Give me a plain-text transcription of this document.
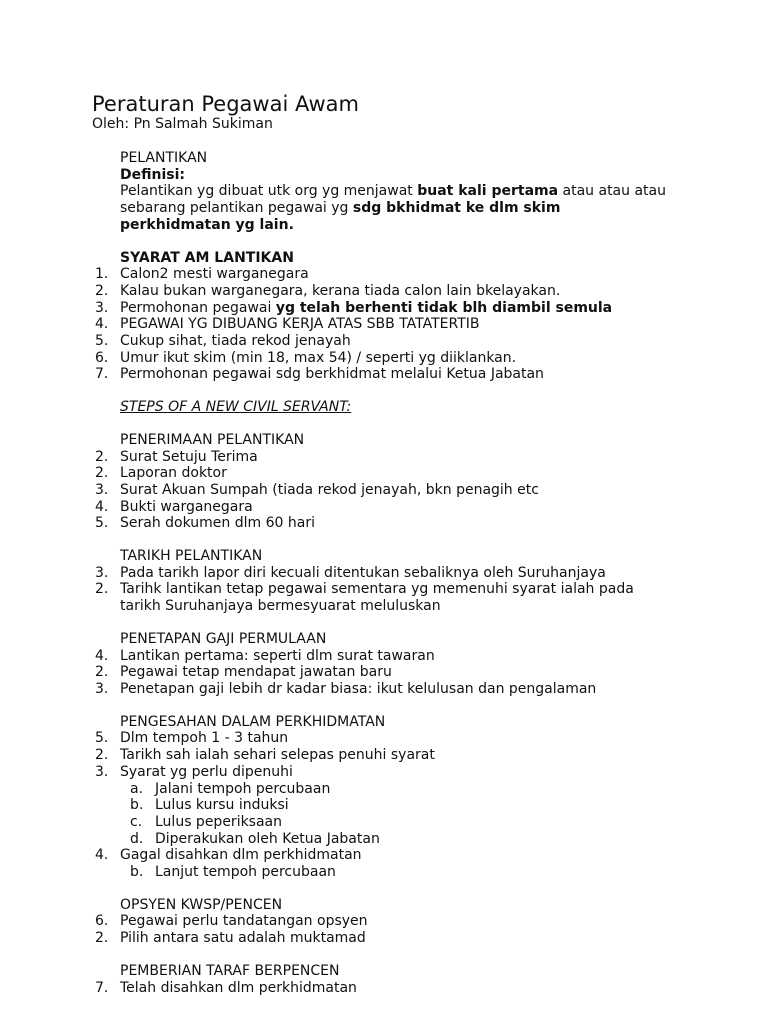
Peraturan Pegawai Awam
Oleh: Pn Salmah Sukiman
PELANTIKAN
Definisi:
Pelantikan yg dibuat utk org yg menjawat buat kali pertama atau atau atau
sebarang pelantikan pegawai yg sdg bkhidmat ke dlm skim
perkhidmatan yg lain.
SYARAT AM LANTIKAN
1. Calon2 mesti warganegara
2. Kalau bukan warganegara, kerana tiada calon lain bkelayakan.
3. Permohonan pegawai yg telah berhenti tidak blh diambil semula
4. PEGAWAI YG DIBUANG KERJA ATAS SBB TATATERTIB
5. Cukup sihat, tiada rekod jenayah
6. Umur ikut skim (min 18, max 54) / seperti yg diiklankan.
7. Permohonan pegawai sdg berkhidmat melalui Ketua Jabatan
STEPS OF A NEW CIVIL SERVANT:
PENERIMAAN PELANTIKAN
2. Surat Setuju Terima
2. Laporan doktor
3. Surat Akuan Sumpah (tiada rekod jenayah, bkn penagih etc
4. Bukti warganegara
5. Serah dokumen dlm 60 hari
TARIKH PELANTIKAN
3. Pada tarikh lapor diri kecuali ditentukan sebaliknya oleh Suruhanjaya
2. Tarihk lantikan tetap pegawai sementara yg memenuhi syarat ialah pada
tarikh Suruhanjaya bermesyuarat meluluskan
PENETAPAN GAJI PERMULAAN
4. Lantikan pertama: seperti dlm surat tawaran
2. Pegawai tetap mendapat jawatan baru
3. Penetapan gaji lebih dr kadar biasa: ikut kelulusan dan pengalaman
PENGESAHAN DALAM PERKHIDMATAN
5. Dlm tempoh 1 - 3 tahun
2. Tarikh sah ialah sehari selepas penuhi syarat
3. Syarat yg perlu dipenuhi
a. Jalani tempoh percubaan
b. Lulus kursu induksi
c. Lulus peperiksaan
d. Diperakukan oleh Ketua Jabatan
4. Gagal disahkan dlm perkhidmatan
b. Lanjut tempoh percubaan
OPSYEN KWSP/PENCEN
6. Pegawai perlu tandatangan opsyen
2. Pilih antara satu adalah muktamad
PEMBERIAN TARAF BERPENCEN
7. Telah disahkan dlm perkhidmatan
